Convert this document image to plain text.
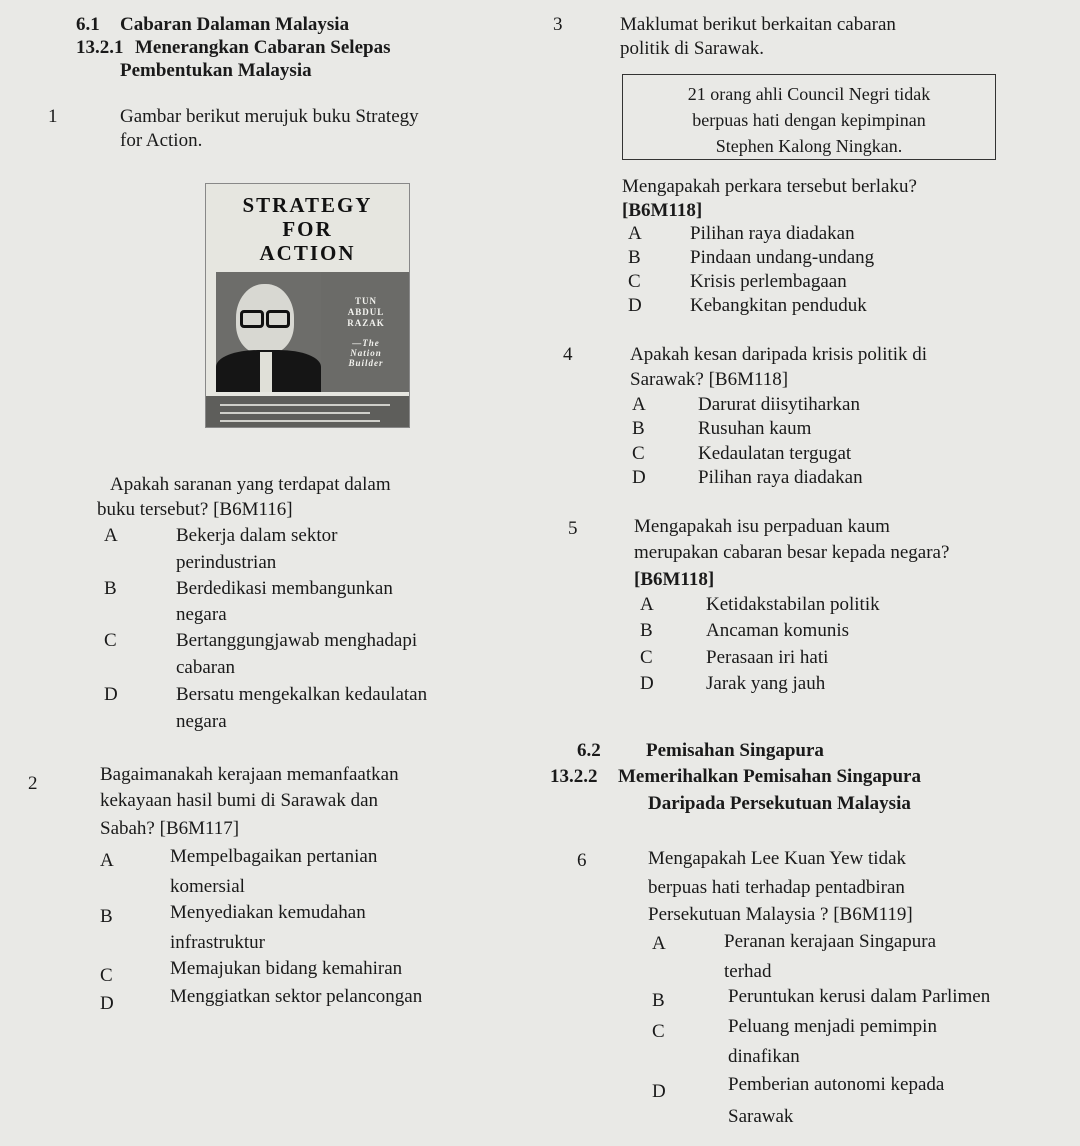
6.1 Cabaran Dalaman Malaysia
13.2.1 Menerangkan Cabaran Selepas
Pembentukan Malaysia
1	Gambar berikut merujuk buku Strategy
for Action.
STRATEGY
FOR
ACTION
TUN
ABDUL
RAZAK
—The
Nation
Builder
Apakah saranan yang terdapat dalam
buku tersebut? [B6M116]
A	Bekerja dalam sektor
perindustrian
B	Berdedikasi membangunkan
negara
C	Bertanggungjawab menghadapi
cabaran
D	Bersatu mengekalkan kedaulatan
negara
2	Bagaimanakah kerajaan memanfaatkan
kekayaan hasil bumi di Sarawak dan
Sabah? [B6M117]
A	Mempelbagaikan pertanian
komersial
B	Menyediakan kemudahan
infrastruktur
C	Memajukan bidang kemahiran
D	Menggiatkan sektor pelancongan
3	Maklumat berikut berkaitan cabaran
politik di Sarawak.
21 orang ahli Council Negri tidak
berpuas hati dengan kepimpinan
Stephen Kalong Ningkan.
Mengapakah perkara tersebut berlaku?
[B6M118]
A	Pilihan raya diadakan
B	Pindaan undang-undang
C	Krisis perlembagaan
D	Kebangkitan penduduk
4	Apakah kesan daripada krisis politik di
Sarawak? [B6M118]
A	Darurat diisytiharkan
B	Rusuhan kaum
C	Kedaulatan tergugat
D	Pilihan raya diadakan
5	Mengapakah isu perpaduan kaum
merupakan cabaran besar kepada negara?
[B6M118]
A	Ketidakstabilan politik
B	Ancaman komunis
C	Perasaan iri hati
D	Jarak yang jauh
6.2 Pemisahan Singapura
13.2.2 Memerihalkan Pemisahan Singapura
Daripada Persekutuan Malaysia
6	Mengapakah Lee Kuan Yew tidak
berpuas hati terhadap pentadbiran
Persekutuan Malaysia ? [B6M119]
A	Peranan kerajaan Singapura
terhad
B	Peruntukan kerusi dalam Parlimen
C	Peluang menjadi pemimpin
dinafikan
D	Pemberian autonomi kepada
Sarawak
